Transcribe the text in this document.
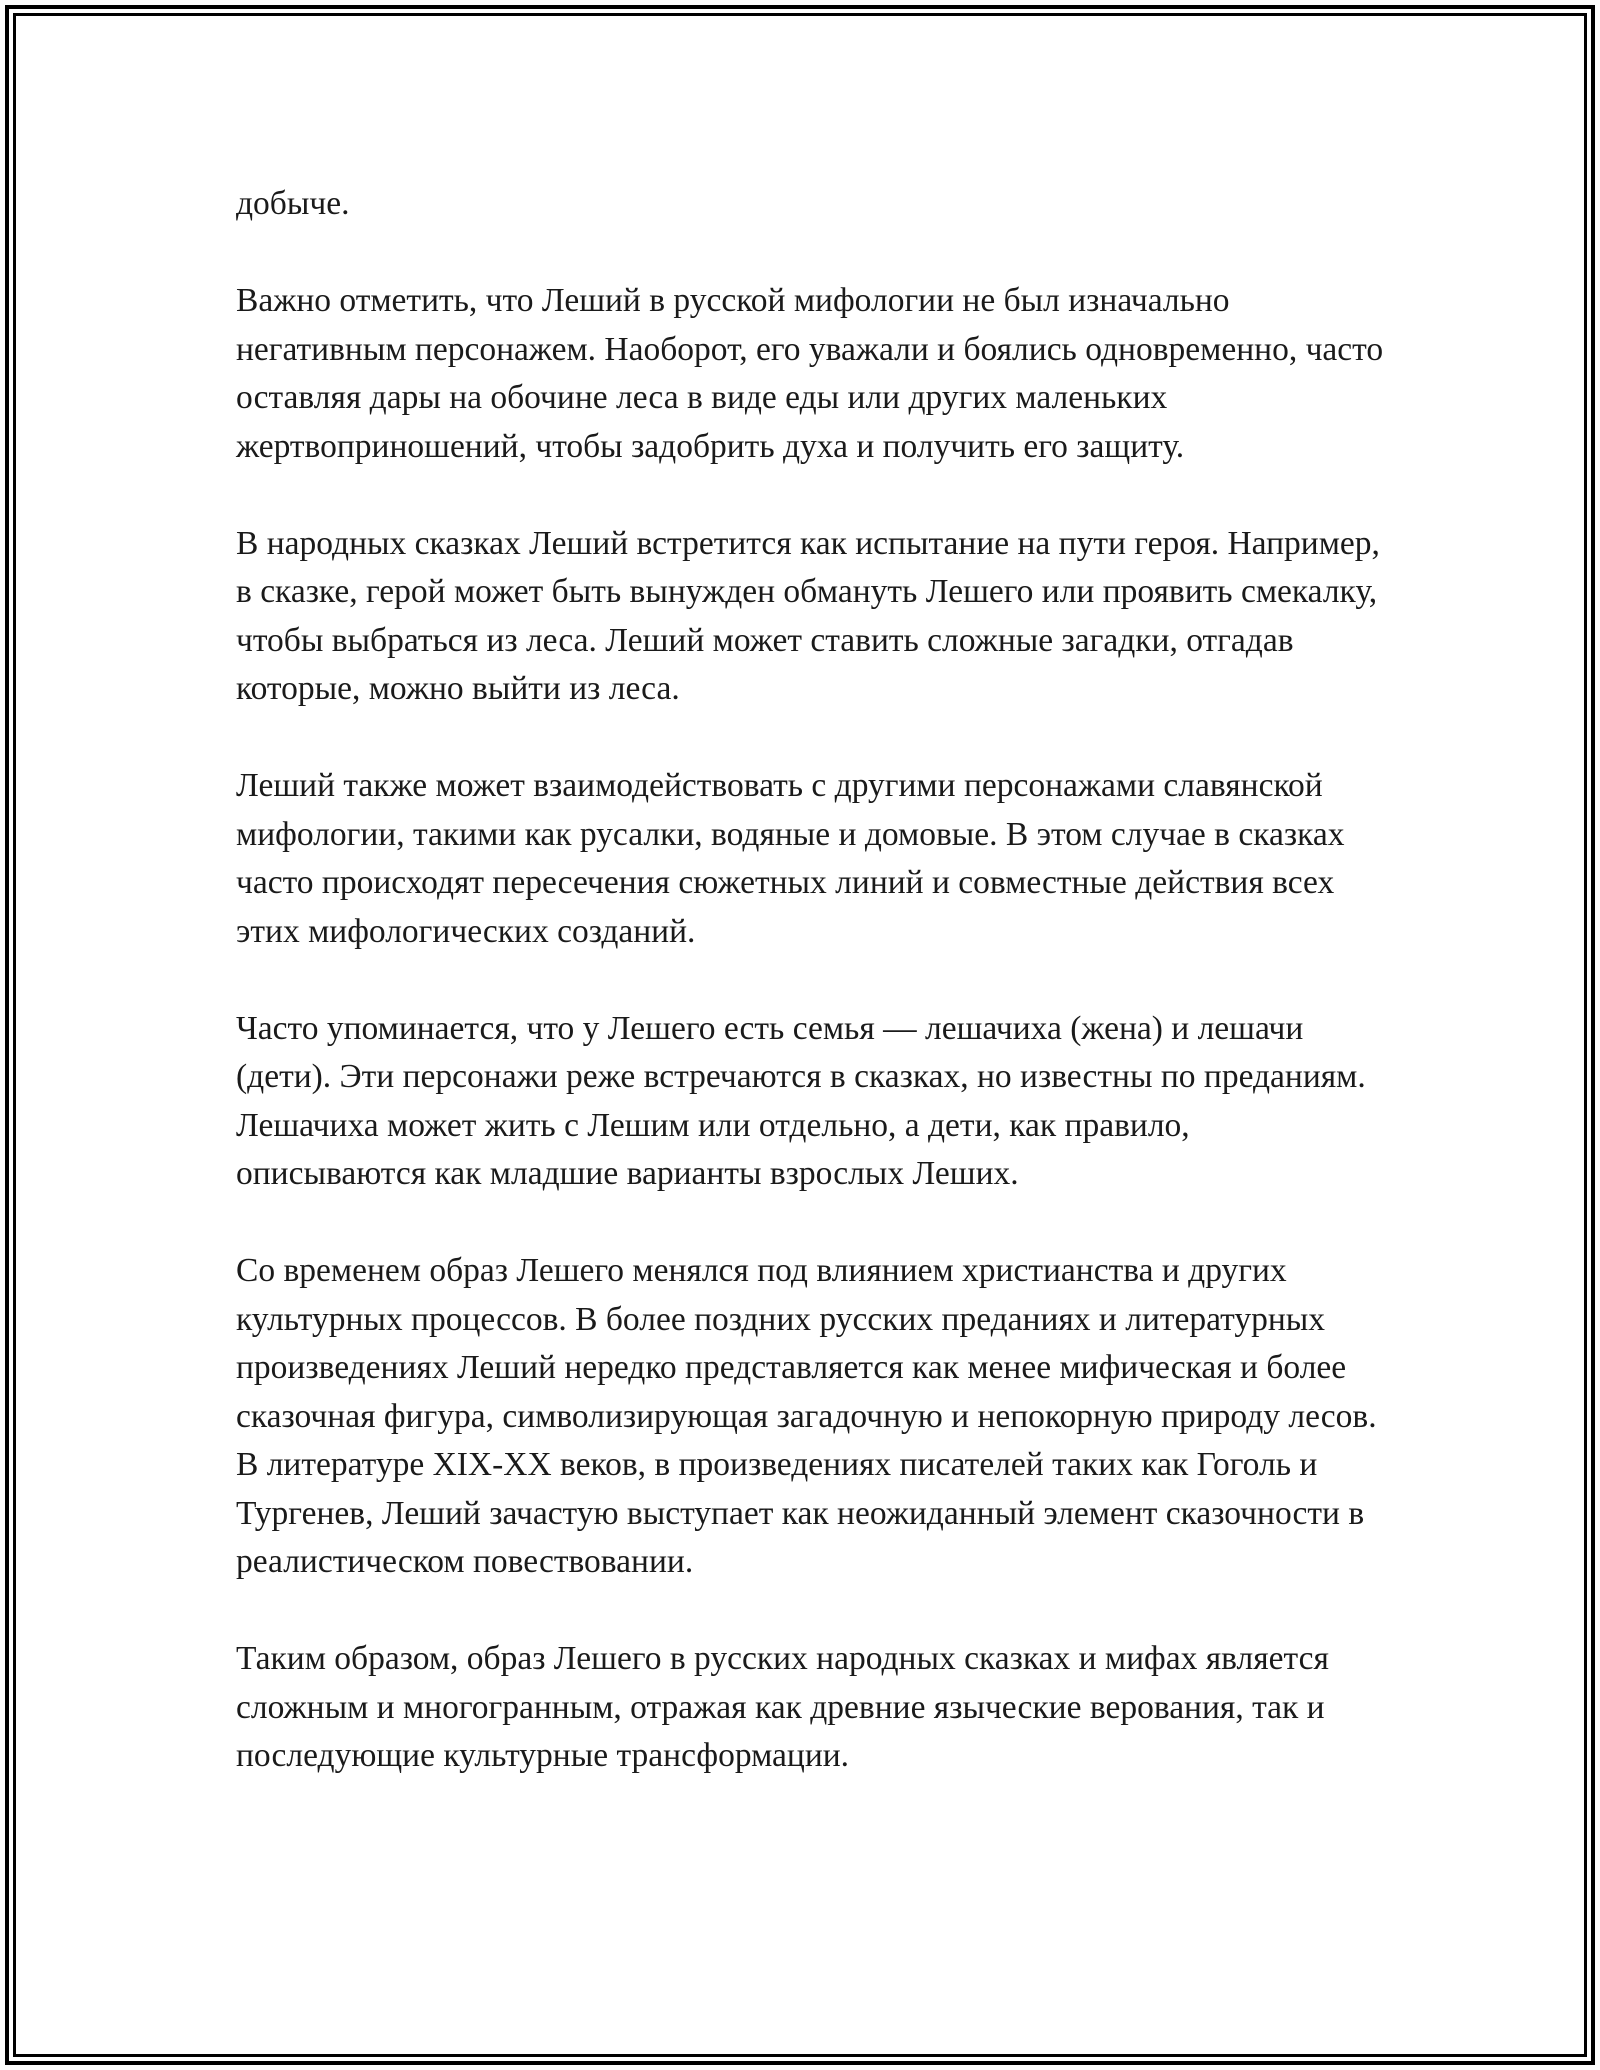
добыче.

Важно отметить, что Леший в русской мифологии не был изначально негативным персонажем. Наоборот, его уважали и боялись одновременно, часто оставляя дары на обочине леса в виде еды или других маленьких жертвоприношений, чтобы задобрить духа и получить его защиту.

В народных сказках Леший встретится как испытание на пути героя. Например, в сказке, герой может быть вынужден обмануть Лешего или проявить смекалку, чтобы выбраться из леса. Леший может ставить сложные загадки, отгадав которые, можно выйти из леса.

Леший также может взаимодействовать с другими персонажами славянской мифологии, такими как русалки, водяные и домовые. В этом случае в сказках часто происходят пересечения сюжетных линий и совместные действия всех этих мифологических созданий.

Часто упоминается, что у Лешего есть семья — лешачиха (жена) и лешачи (дети). Эти персонажи реже встречаются в сказках, но известны по преданиям. Лешачиха может жить с Лешим или отдельно, а дети, как правило, описываются как младшие варианты взрослых Леших.

Со временем образ Лешего менялся под влиянием христианства и других культурных процессов. В более поздних русских преданиях и литературных произведениях Леший нередко представляется как менее мифическая и более сказочная фигура, символизирующая загадочную и непокорную природу лесов. В литературе XIX-XX веков, в произведениях писателей таких как Гоголь и Тургенев, Леший зачастую выступает как неожиданный элемент сказочности в реалистическом повествовании.

Таким образом, образ Лешего в русских народных сказках и мифах является сложным и многогранным, отражая как древние языческие верования, так и последующие культурные трансформации.
